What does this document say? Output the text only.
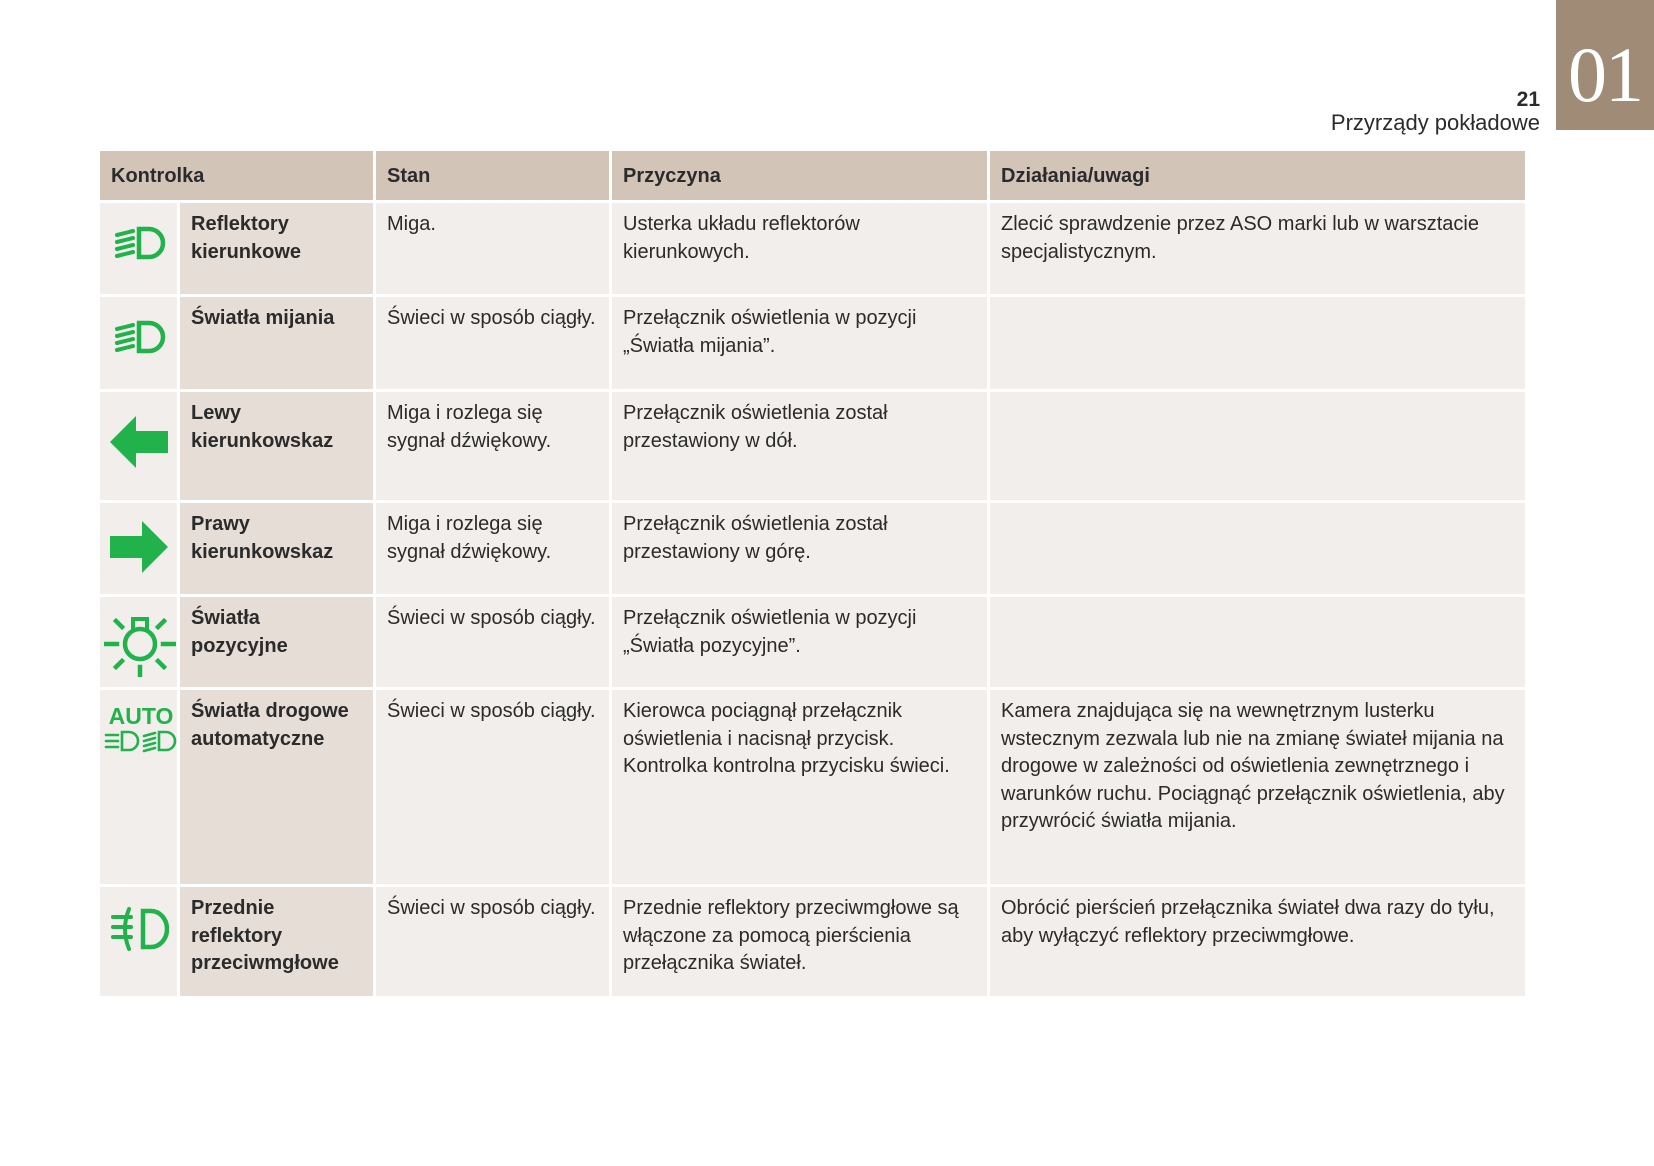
01
21
Przyrządy pokładowe
Kontrolka		Stan	Przyczyna	Działania/uwagi

	Reflektory kierunkowe	Miga.	Usterka układu reflektorów kierunkowych.	Zlecić sprawdzenie przez ASO marki lub w warsztacie specjalistycznym.

	Światła mijania	Świeci w sposób ciągły.	Przełącznik oświetlenia w pozycji „Światła mijania”.	

	Lewy kierunkowskaz	Miga i rozlega się sygnał dźwiękowy.	Przełącznik oświetlenia został przestawiony w dół.	

	Prawy kierunkowskaz	Miga i rozlega się sygnał dźwiękowy.	Przełącznik oświetlenia został przestawiony w górę.	

	Światła pozycyjne	Świeci w sposób ciągły.	Przełącznik oświetlenia w pozycji „Światła pozycyjne”.	

AUTO	Światła drogowe automatyczne	Świeci w sposób ciągły.	Kierowca pociągnął przełącznik oświetlenia i nacisnął przycisk. Kontrolka kontrolna przycisku świeci.	Kamera znajdująca się na wewnętrznym lusterku wstecznym zezwala lub nie na zmianę świateł mijania na drogowe w zależności od oświetlenia zewnętrznego i warunków ruchu. Pociągnąć przełącznik oświetlenia, aby przywrócić światła mijania.

	Przednie reflektory przeciwmgłowe	Świeci w sposób ciągły.	Przednie reflektory przeciwmgłowe są włączone za pomocą pierścienia przełącznika świateł.	Obrócić pierścień przełącznika świateł dwa razy do tyłu, aby wyłączyć reflektory przeciwmgłowe.
